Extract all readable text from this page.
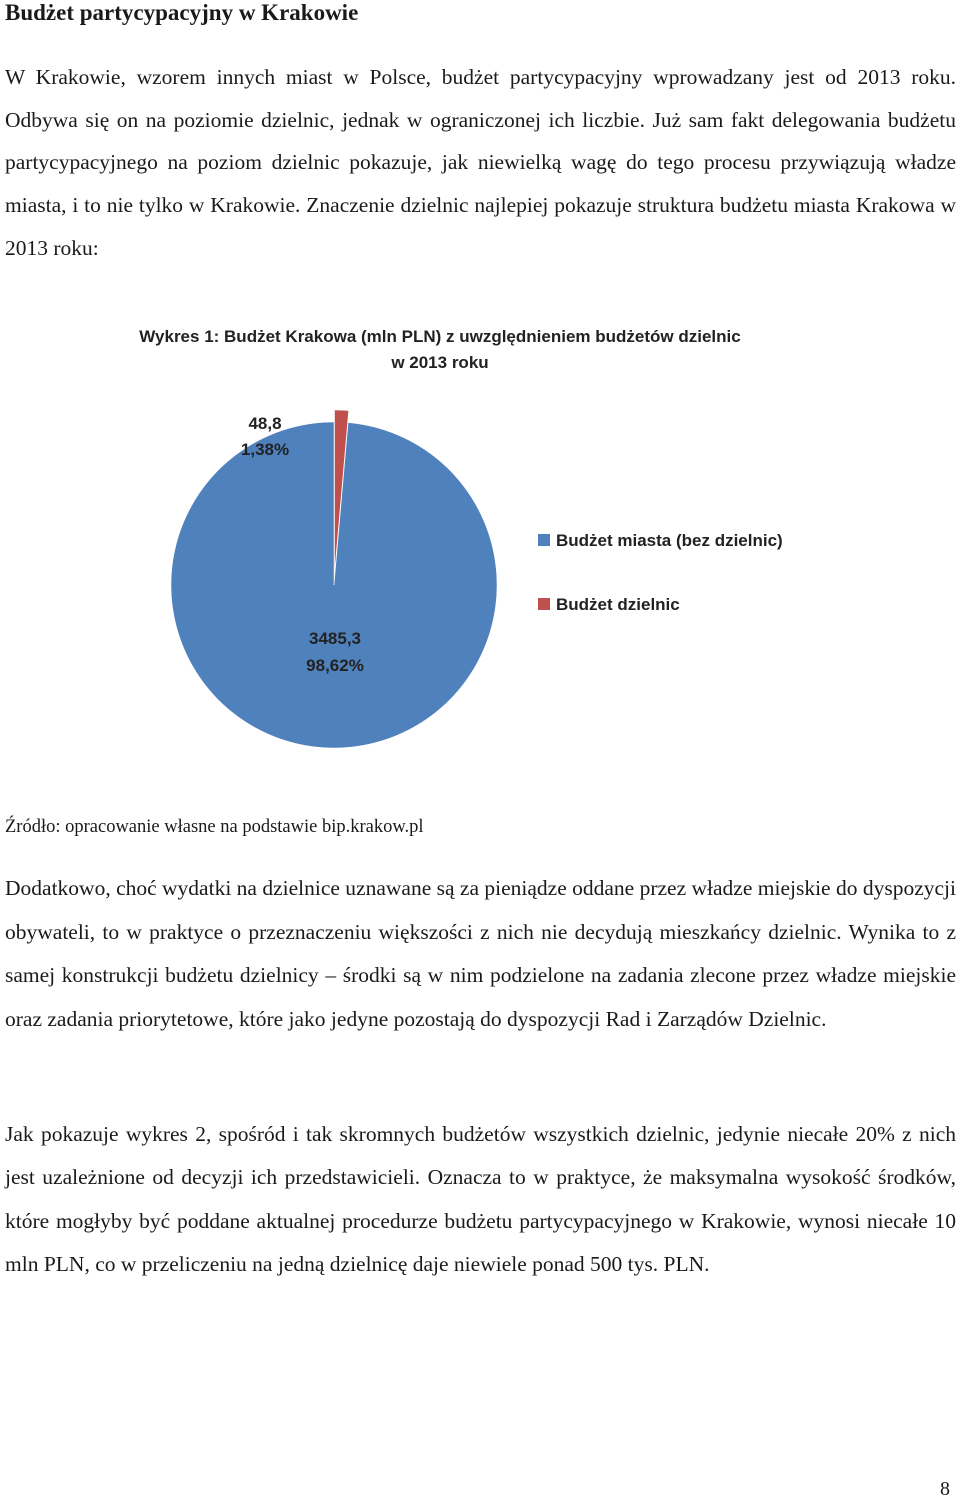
Budżet partycypacyjny w Krakowie

W Krakowie, wzorem innych miast w Polsce, budżet partycypacyjny wprowadzany jest od 2013 roku. Odbywa się on na poziomie dzielnic, jednak w ograniczonej ich liczbie. Już sam fakt delegowania budżetu partycypacyjnego na poziom dzielnic pokazuje, jak niewielką wagę do tego procesu przywiązują władze miasta, i to nie tylko w Krakowie. Znaczenie dzielnic najlepiej pokazuje struktura budżetu miasta Krakowa w 2013 roku:

Wykres 1: Budżet Krakowa (mln PLN) z uwzględnieniem budżetów dzielnic
w 2013 roku
48,8
1,38%
3485,3
98,62%
Budżet miasta (bez dzielnic)
Budżet dzielnic

Źródło: opracowanie własne na podstawie bip.krakow.pl

Dodatkowo, choć wydatki na dzielnice uznawane są za pieniądze oddane przez władze miejskie do dyspozycji obywateli, to w praktyce o przeznaczeniu większości z nich nie decydują mieszkańcy dzielnic. Wynika to z samej konstrukcji budżetu dzielnicy – środki są w nim podzielone na zadania zlecone przez władze miejskie oraz zadania priorytetowe, które jako jedyne pozostają do dyspozycji Rad i Zarządów Dzielnic.

Jak pokazuje wykres 2, spośród i tak skromnych budżetów wszystkich dzielnic, jedynie niecałe 20% z nich jest uzależnione od decyzji ich przedstawicieli. Oznacza to w praktyce, że maksymalna wysokość środków, które mogłyby być poddane aktualnej procedurze budżetu partycypacyjnego w Krakowie, wynosi niecałe 10 mln PLN, co w przeliczeniu na jedną dzielnicę daje niewiele ponad 500 tys. PLN.

8
